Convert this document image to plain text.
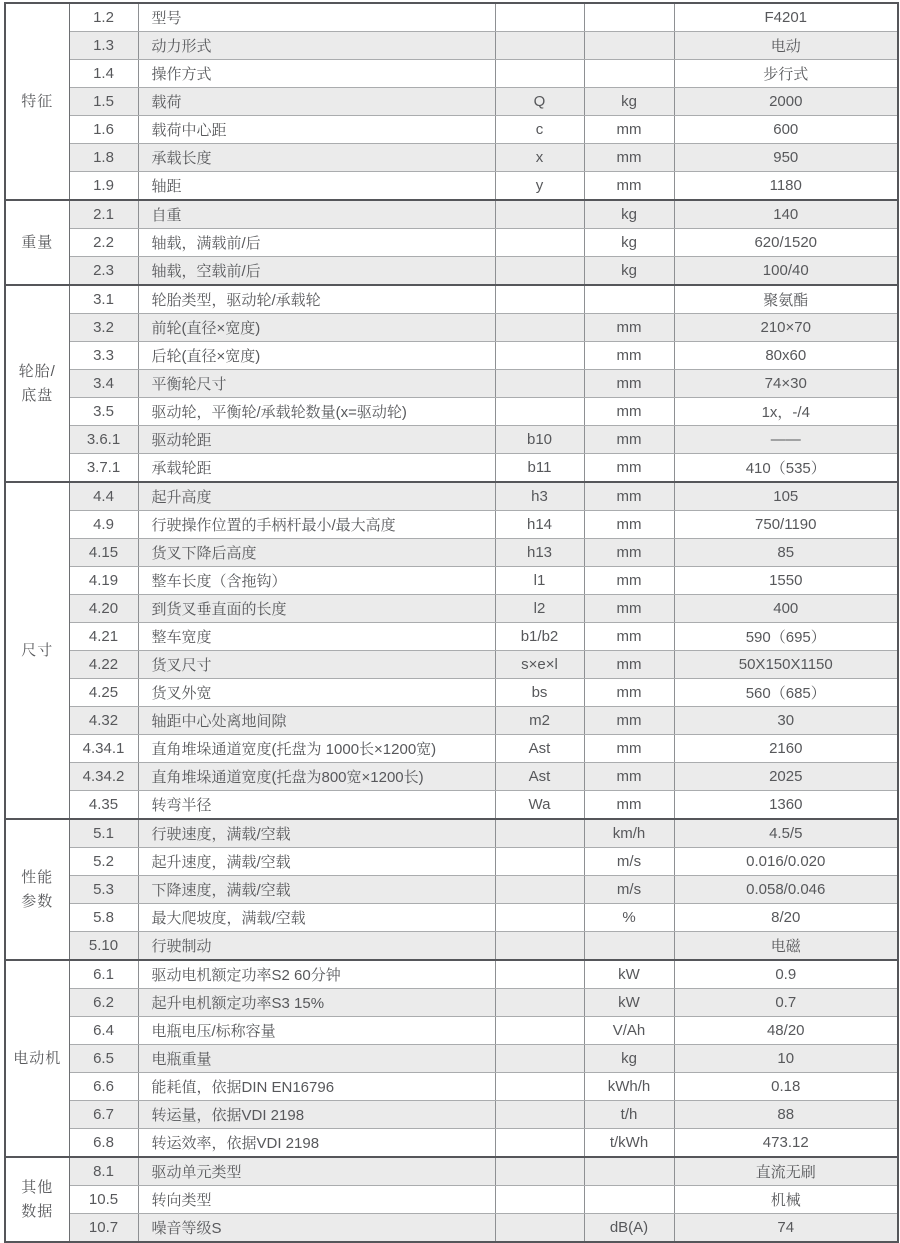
特征	1.2	型号			F4201
	1.3	动力形式			电动
	1.4	操作方式			步行式
	1.5	载荷	Q	kg	2000
	1.6	载荷中心距	c	mm	600
	1.8	承载长度	x	mm	950
	1.9	轴距	y	mm	1180

重量	2.1	自重		kg	140
	2.2	轴载，满载前/后		kg	620/1520
	2.3	轴载，空载前/后		kg	100/40

轮胎/
底盘	3.1	轮胎类型，驱动轮/承载轮			聚氨酯
	3.2	前轮(直径×宽度)		mm	210×70
	3.3	后轮(直径×宽度)		mm	80x60
	3.4	平衡轮尺寸		mm	74×30
	3.5	驱动轮，平衡轮/承载轮数量(x=驱动轮)		mm	1x，-/4
	3.6.1	驱动轮距	b10	mm	——
	3.7.1	承载轮距	b11	mm	410（535）

尺寸	4.4	起升高度	h3	mm	105
	4.9	行驶操作位置的手柄杆最小/最大高度	h14	mm	750/1190
	4.15	货叉下降后高度	h13	mm	85
	4.19	整车长度（含拖钩）	l1	mm	1550
	4.20	到货叉垂直面的长度	l2	mm	400
	4.21	整车宽度	b1/b2	mm	590（695）
	4.22	货叉尺寸	s×e×l	mm	50X150X1150
	4.25	货叉外宽	bs	mm	560（685）
	4.32	轴距中心处离地间隙	m2	mm	30
	4.34.1	直角堆垛通道宽度(托盘为 1000长×1200宽)	Ast	mm	2160
	4.34.2	直角堆垛通道宽度(托盘为800宽×1200长)	Ast	mm	2025
	4.35	转弯半径	Wa	mm	1360

性能
参数	5.1	行驶速度，满载/空载		km/h	4.5/5
	5.2	起升速度，满载/空载		m/s	0.016/0.020
	5.3	下降速度，满载/空载		m/s	0.058/0.046
	5.8	最大爬坡度，满载/空载		%	8/20
	5.10	行驶制动			电磁

电动机	6.1	驱动电机额定功率S2 60分钟		kW	0.9
	6.2	起升电机额定功率S3 15%		kW	0.7
	6.4	电瓶电压/标称容量		V/Ah	48/20
	6.5	电瓶重量		kg	10
	6.6	能耗值，依据DIN EN16796		kWh/h	0.18
	6.7	转运量，依据VDI 2198		t/h	88
	6.8	转运效率，依据VDI 2198		t/kWh	473.12

其他
数据	8.1	驱动单元类型			直流无刷
	10.5	转向类型			机械
	10.7	噪音等级S		dB(A)	74
